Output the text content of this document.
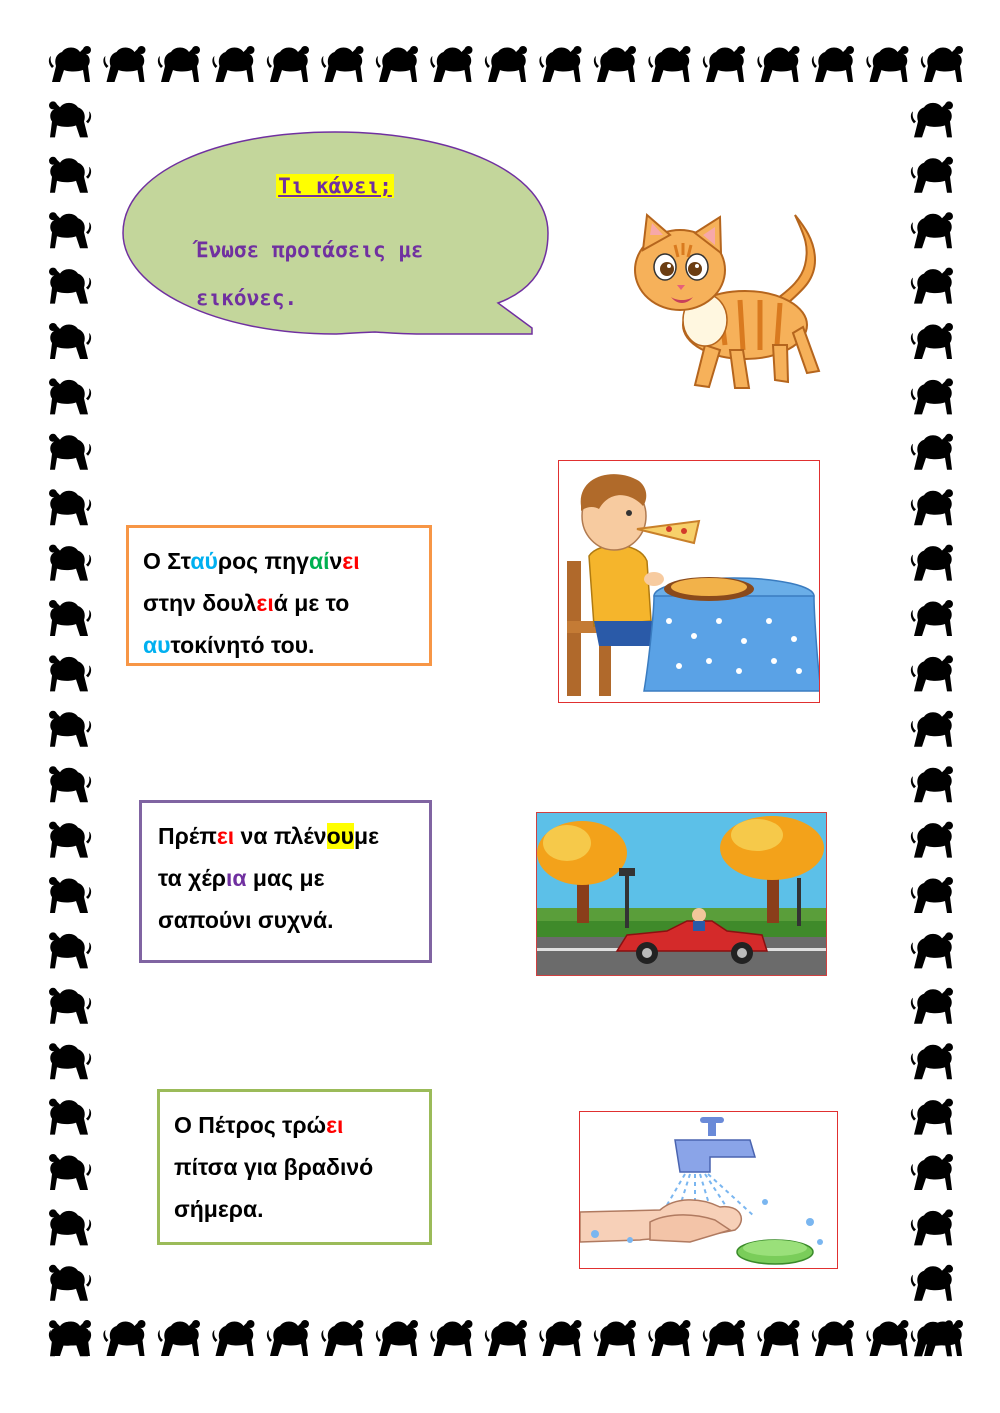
Τι κάνει;
Ένωσε προτάσεις με
εικόνες.
Ο Σταύρος πηγαίνει
στην δουλειά με το
αυτοκίνητό του.
Πρέπει να πλένουμε
τα χέρια μας με
σαπούνι συχνά.
Ο Πέτρος τρώει
πίτσα για βραδινό
σήμερα.
